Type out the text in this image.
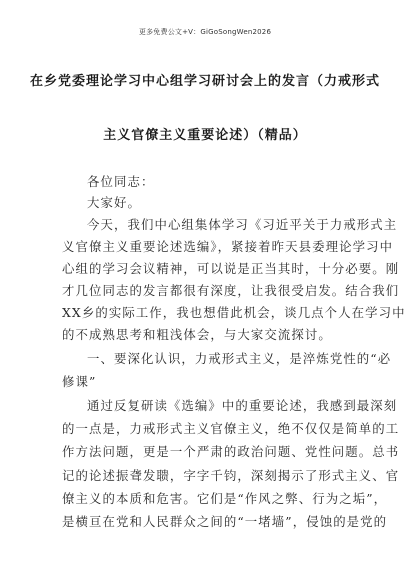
更多免费公文+V：GiGoSongWen2026
在乡党委理论学习中心组学习研讨会上的发言（力戒形式
主义官僚主义重要论述）（精品）
各位同志：
大家好。
今天，我们中心组集体学习《习近平关于力戒形式主
义官僚主义重要论述选编》，紧接着昨天县委理论学习中
心组的学习会议精神，可以说是正当其时，十分必要。刚
才几位同志的发言都很有深度，让我很受启发。结合我们
XX乡的实际工作，我也想借此机会，谈几点个人在学习中
的不成熟思考和粗浅体会，与大家交流探讨。
一、要深化认识，力戒形式主义，是淬炼党性的“必
修课”
通过反复研读《选编》中的重要论述，我感到最深刻
的一点是，力戒形式主义官僚主义，绝不仅仅是简单的工
作方法问题，更是一个严肃的政治问题、党性问题。总书
记的论述振聋发聩，字字千钧，深刻揭示了形式主义、官
僚主义的本质和危害。它们是“作风之弊、行为之垢”，
是横亘在党和人民群众之间的“一堵墙”，侵蚀的是党的
